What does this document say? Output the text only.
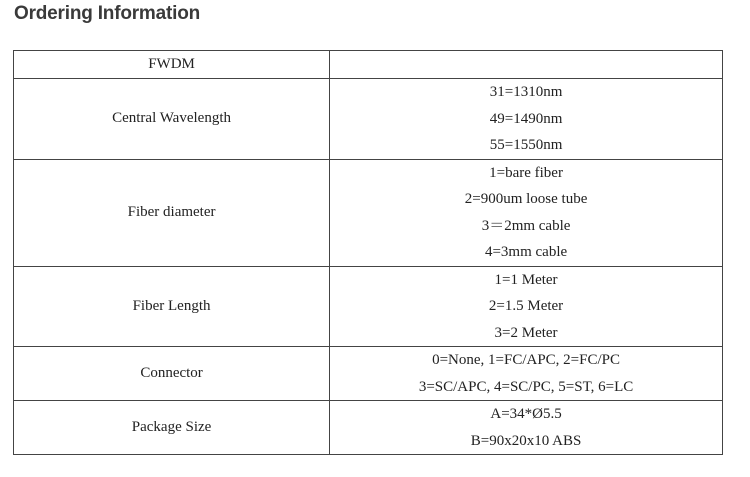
Ordering Information
FWDM	
Central Wavelength	31=1310nm
49=1490nm
55=1550nm

Fiber diameter	1=bare fiber
2=900um loose tube
3＝2mm cable
4=3mm cable

Fiber Length	1=1 Meter
2=1.5 Meter
3=2 Meter

Connector	0=None, 1=FC/APC, 2=FC/PC
3=SC/APC, 4=SC/PC, 5=ST, 6=LC

Package Size	A=34*Ø5.5
B=90x20x10 ABS
